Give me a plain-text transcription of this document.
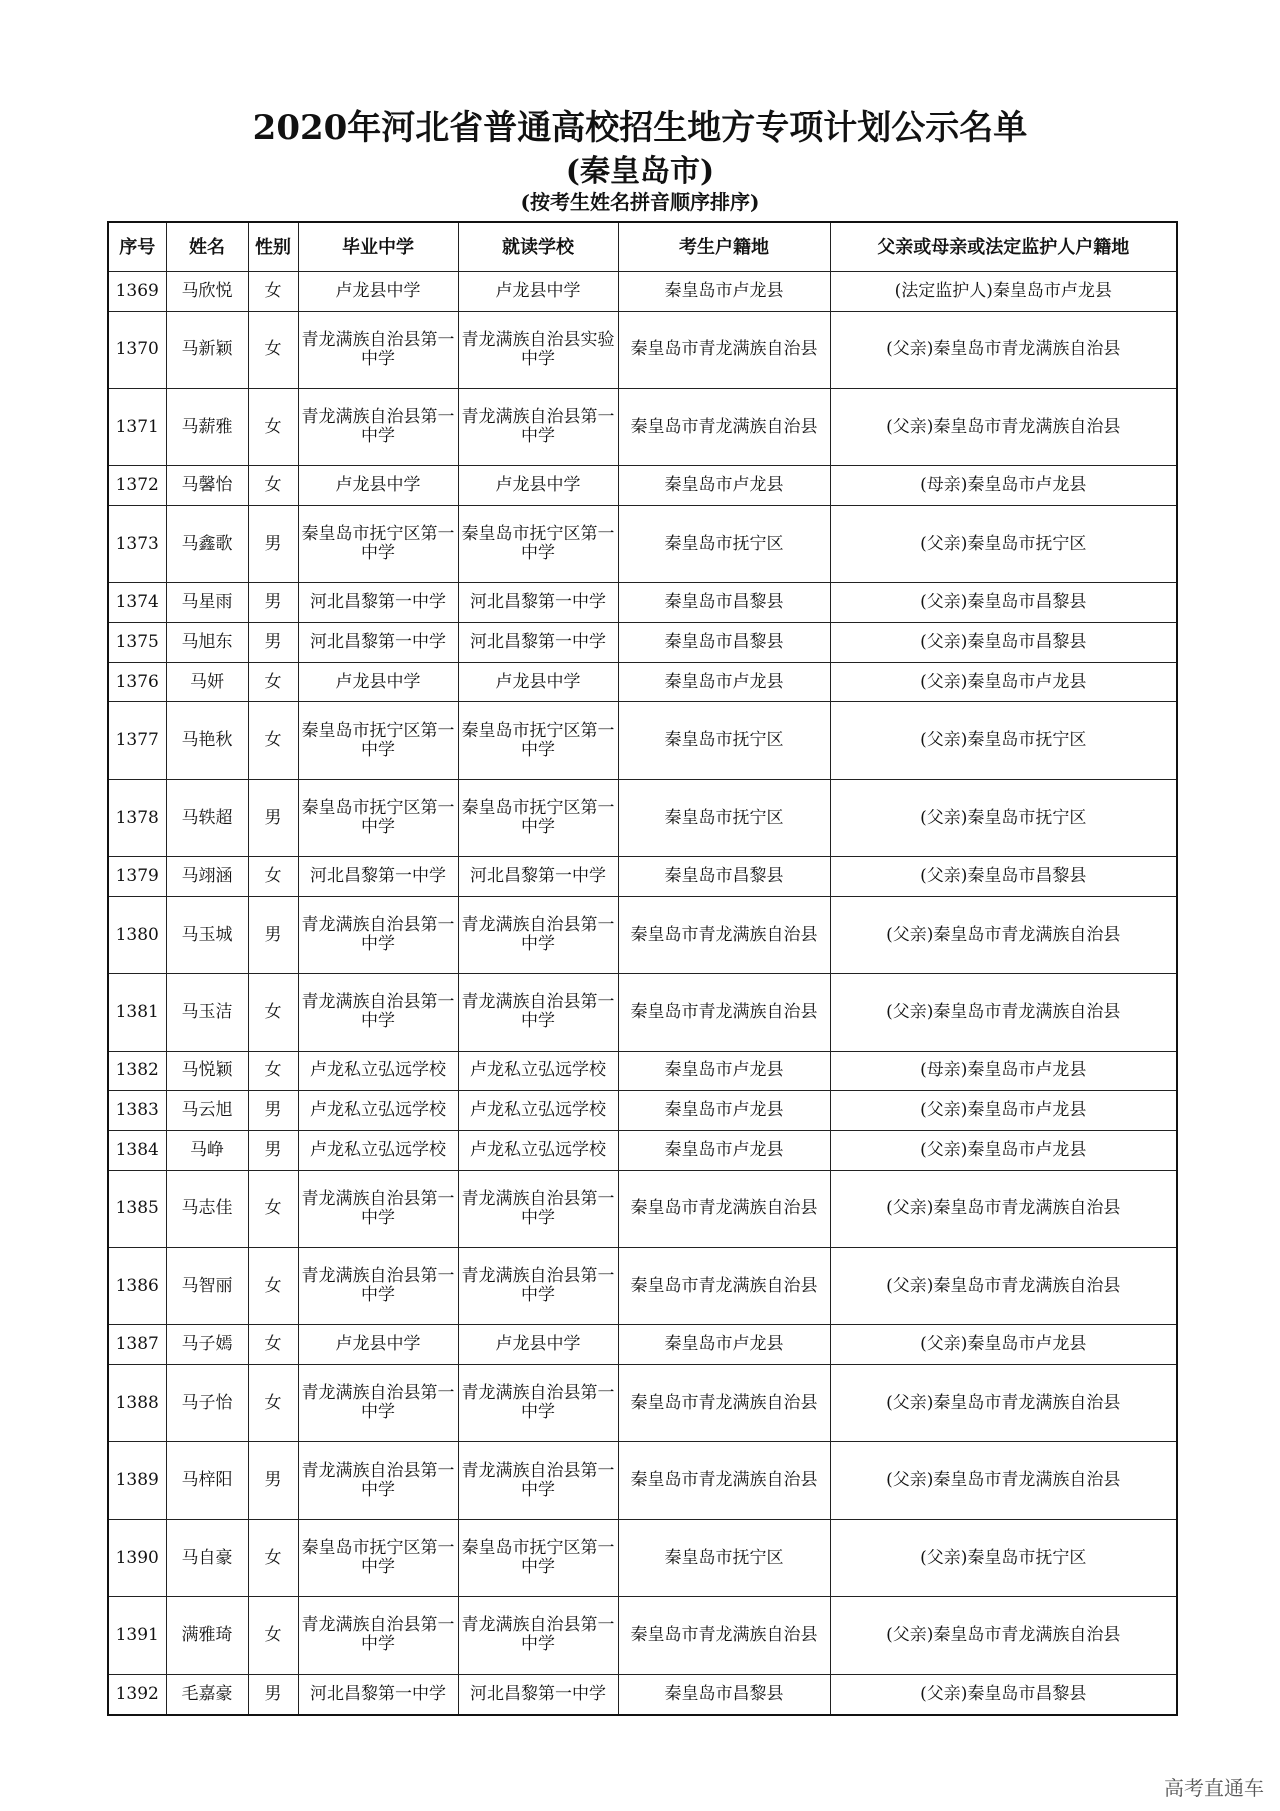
2020年河北省普通高校招生地方专项计划公示名单
(秦皇岛市)
(按考生姓名拼音顺序排序)
序号	姓名	性别	毕业中学	就读学校	考生户籍地	父亲或母亲或法定监护人户籍地
1369	马欣悦	女	卢龙县中学	卢龙县中学	秦皇岛市卢龙县	(法定监护人)秦皇岛市卢龙县
1370	马新颖	女	青龙满族自治县第一中学	青龙满族自治县实验中学	秦皇岛市青龙满族自治县	(父亲)秦皇岛市青龙满族自治县
1371	马薪雅	女	青龙满族自治县第一中学	青龙满族自治县第一中学	秦皇岛市青龙满族自治县	(父亲)秦皇岛市青龙满族自治县
1372	马馨怡	女	卢龙县中学	卢龙县中学	秦皇岛市卢龙县	(母亲)秦皇岛市卢龙县
1373	马鑫歌	男	秦皇岛市抚宁区第一中学	秦皇岛市抚宁区第一中学	秦皇岛市抚宁区	(父亲)秦皇岛市抚宁区
1374	马星雨	男	河北昌黎第一中学	河北昌黎第一中学	秦皇岛市昌黎县	(父亲)秦皇岛市昌黎县
1375	马旭东	男	河北昌黎第一中学	河北昌黎第一中学	秦皇岛市昌黎县	(父亲)秦皇岛市昌黎县
1376	马妍	女	卢龙县中学	卢龙县中学	秦皇岛市卢龙县	(父亲)秦皇岛市卢龙县
1377	马艳秋	女	秦皇岛市抚宁区第一中学	秦皇岛市抚宁区第一中学	秦皇岛市抚宁区	(父亲)秦皇岛市抚宁区
1378	马轶超	男	秦皇岛市抚宁区第一中学	秦皇岛市抚宁区第一中学	秦皇岛市抚宁区	(父亲)秦皇岛市抚宁区
1379	马翊涵	女	河北昌黎第一中学	河北昌黎第一中学	秦皇岛市昌黎县	(父亲)秦皇岛市昌黎县
1380	马玉城	男	青龙满族自治县第一中学	青龙满族自治县第一中学	秦皇岛市青龙满族自治县	(父亲)秦皇岛市青龙满族自治县
1381	马玉洁	女	青龙满族自治县第一中学	青龙满族自治县第一中学	秦皇岛市青龙满族自治县	(父亲)秦皇岛市青龙满族自治县
1382	马悦颖	女	卢龙私立弘远学校	卢龙私立弘远学校	秦皇岛市卢龙县	(母亲)秦皇岛市卢龙县
1383	马云旭	男	卢龙私立弘远学校	卢龙私立弘远学校	秦皇岛市卢龙县	(父亲)秦皇岛市卢龙县
1384	马峥	男	卢龙私立弘远学校	卢龙私立弘远学校	秦皇岛市卢龙县	(父亲)秦皇岛市卢龙县
1385	马志佳	女	青龙满族自治县第一中学	青龙满族自治县第一中学	秦皇岛市青龙满族自治县	(父亲)秦皇岛市青龙满族自治县
1386	马智丽	女	青龙满族自治县第一中学	青龙满族自治县第一中学	秦皇岛市青龙满族自治县	(父亲)秦皇岛市青龙满族自治县
1387	马子嫣	女	卢龙县中学	卢龙县中学	秦皇岛市卢龙县	(父亲)秦皇岛市卢龙县
1388	马子怡	女	青龙满族自治县第一中学	青龙满族自治县第一中学	秦皇岛市青龙满族自治县	(父亲)秦皇岛市青龙满族自治县
1389	马梓阳	男	青龙满族自治县第一中学	青龙满族自治县第一中学	秦皇岛市青龙满族自治县	(父亲)秦皇岛市青龙满族自治县
1390	马自豪	女	秦皇岛市抚宁区第一中学	秦皇岛市抚宁区第一中学	秦皇岛市抚宁区	(父亲)秦皇岛市抚宁区
1391	满雅琦	女	青龙满族自治县第一中学	青龙满族自治县第一中学	秦皇岛市青龙满族自治县	(父亲)秦皇岛市青龙满族自治县
1392	毛嘉豪	男	河北昌黎第一中学	河北昌黎第一中学	秦皇岛市昌黎县	(父亲)秦皇岛市昌黎县
高考直通车
